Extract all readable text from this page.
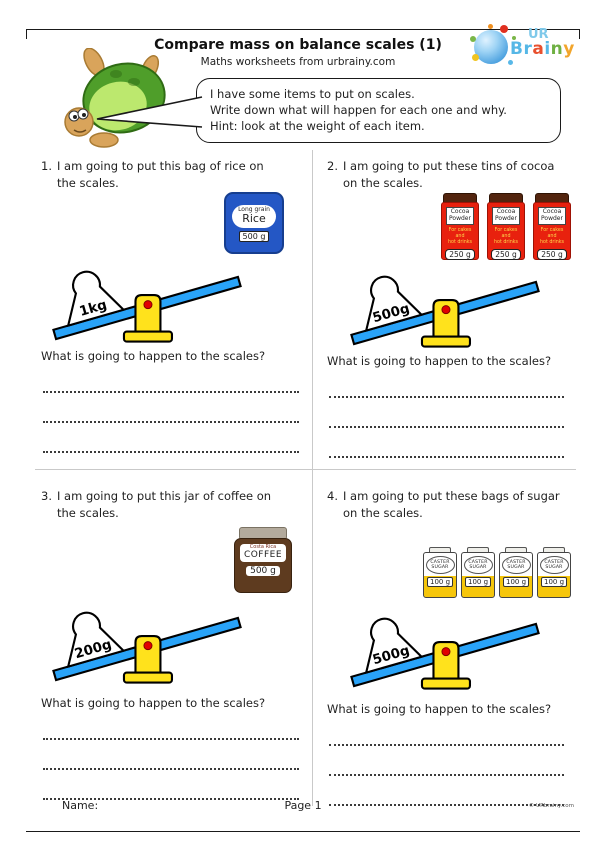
Compare mass on balance scales (1)
Maths worksheets from urbrainy.com
UR
Brainy
I have some items to put on scales.
Write down what will happen for each one and why.
Hint: look at the weight of each item.
1. I am going to put this bag of rice on
the scales.
Long grain
Rice
500 g
1kg
What is going to happen to the scales?
2. I am going to put these tins of cocoa
on the scales.
Cocoa
Powder
For cakes
and
hot drinks
250 g
Cocoa
Powder
For cakes
and
hot drinks
250 g
Cocoa
Powder
For cakes
and
hot drinks
250 g
500g
What is going to happen to the scales?
3. I am going to put this jar of coffee on
the scales.
Costa Rica
COFFEE
500 g
200g
What is going to happen to the scales?
4. I am going to put these bags of sugar
on the scales.
CASTER
SUGAR
100 g
CASTER
SUGAR
100 g
CASTER
SUGAR
100 g
CASTER
SUGAR
100 g
500g
What is going to happen to the scales?
Name:	Page 1	© URbrainy.com
